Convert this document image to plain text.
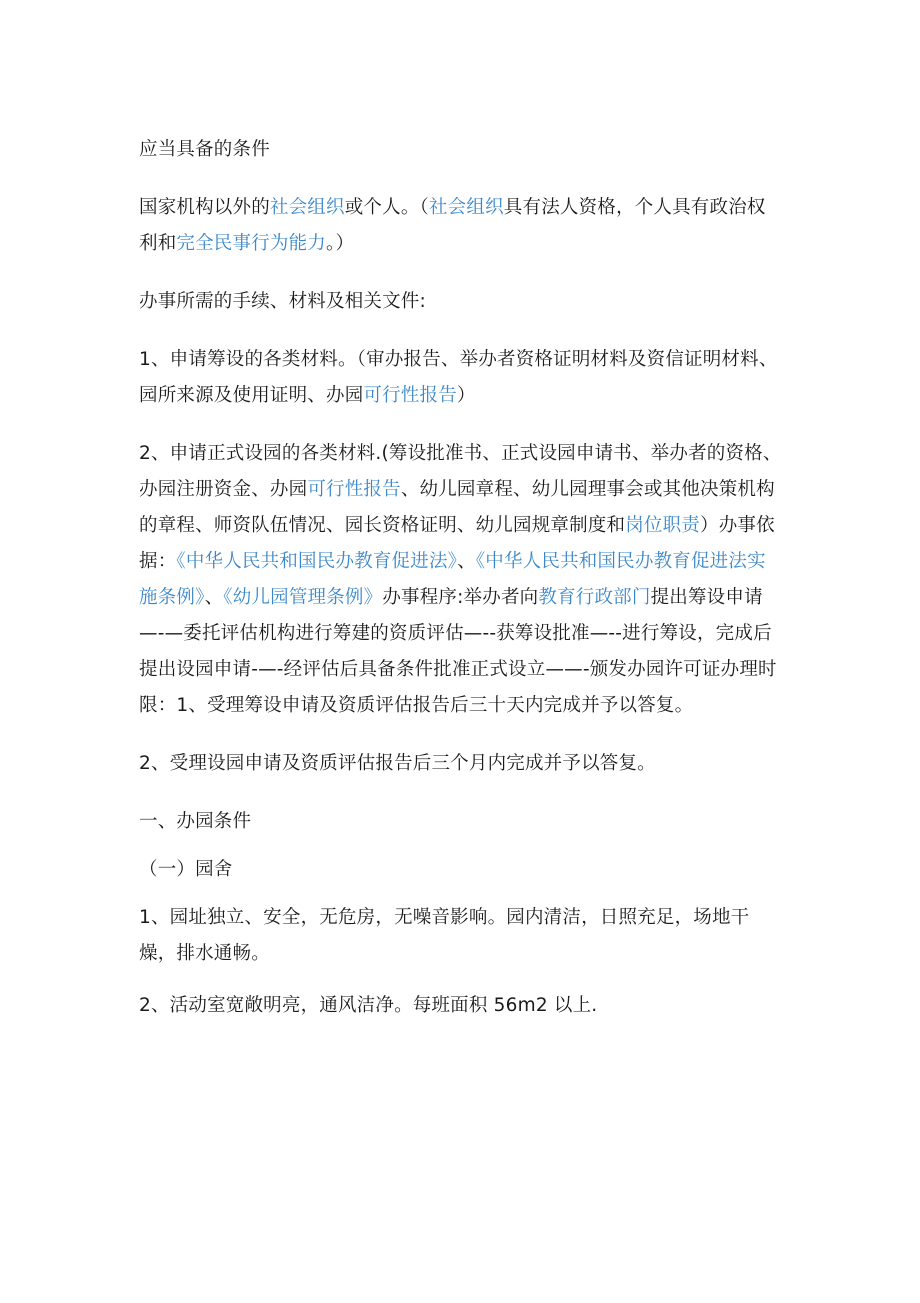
应当具备的条件

国家机构以外的社会组织或个人。（社会组织具有法人资格，个人具有政治权利和完全民事行为能力。）

办事所需的手续、材料及相关文件:

1、申请筹设的各类材料。（审办报告、举办者资格证明材料及资信证明材料、园所来源及使用证明、办园可行性报告）

2、申请正式设园的各类材料.(筹设批准书、正式设园申请书、举办者的资格、办园注册资金、办园可行性报告、幼儿园章程、幼儿园理事会或其他决策机构的章程、师资队伍情况、园长资格证明、幼儿园规章制度和岗位职责）办事依据：《中华人民共和国民办教育促进法》、《中华人民共和国民办教育促进法实施条例》、《幼儿园管理条例》办事程序:举办者向教育行政部门提出筹设申请—-—委托评估机构进行筹建的资质评估—--获筹设批准—--进行筹设，完成后提出设园申请-—-经评估后具备条件批准正式设立——-颁发办园许可证办理时限：1、受理筹设申请及资质评估报告后三十天内完成并予以答复。

2、受理设园申请及资质评估报告后三个月内完成并予以答复。

一、办园条件

（一）园舍

1、园址独立、安全，无危房，无噪音影响。园内清洁，日照充足，场地干燥，排水通畅。

2、活动室宽敞明亮，通风洁净。每班面积 56m2 以上.
